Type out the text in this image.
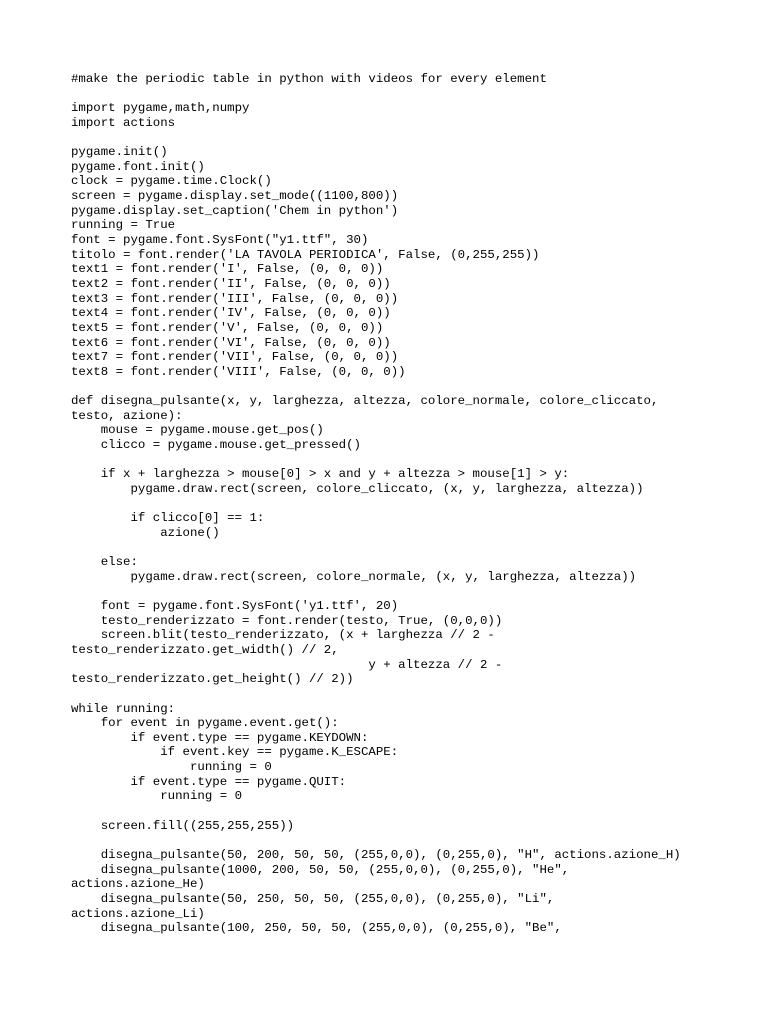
#make the periodic table in python with videos for every element
import pygame,math,numpy
import actions
pygame.init()
pygame.font.init()
clock = pygame.time.Clock()
screen = pygame.display.set_mode((1100,800))
pygame.display.set_caption('Chem in python')
running = True
font = pygame.font.SysFont("y1.ttf", 30)
titolo = font.render('LA TAVOLA PERIODICA', False, (0,255,255))
text1 = font.render('I', False, (0, 0, 0))
text2 = font.render('II', False, (0, 0, 0))
text3 = font.render('III', False, (0, 0, 0))
text4 = font.render('IV', False, (0, 0, 0))
text5 = font.render('V', False, (0, 0, 0))
text6 = font.render('VI', False, (0, 0, 0))
text7 = font.render('VII', False, (0, 0, 0))
text8 = font.render('VIII', False, (0, 0, 0))
def disegna_pulsante(x, y, larghezza, altezza, colore_normale, colore_cliccato,
testo, azione):
mouse = pygame.mouse.get_pos()
clicco = pygame.mouse.get_pressed()
if x + larghezza > mouse[0] > x and y + altezza > mouse[1] > y:
pygame.draw.rect(screen, colore_cliccato, (x, y, larghezza, altezza))
if clicco[0] == 1:
azione()
else:
pygame.draw.rect(screen, colore_normale, (x, y, larghezza, altezza))
font = pygame.font.SysFont('y1.ttf', 20)
testo_renderizzato = font.render(testo, True, (0,0,0))
screen.blit(testo_renderizzato, (x + larghezza // 2 -
testo_renderizzato.get_width() // 2,
y + altezza // 2 -
testo_renderizzato.get_height() // 2))
while running:
for event in pygame.event.get():
if event.type == pygame.KEYDOWN:
if event.key == pygame.K_ESCAPE:
running = 0
if event.type == pygame.QUIT:
running = 0
screen.fill((255,255,255))
disegna_pulsante(50, 200, 50, 50, (255,0,0), (0,255,0), "H", actions.azione_H)
disegna_pulsante(1000, 200, 50, 50, (255,0,0), (0,255,0), "He",
actions.azione_He)
disegna_pulsante(50, 250, 50, 50, (255,0,0), (0,255,0), "Li",
actions.azione_Li)
disegna_pulsante(100, 250, 50, 50, (255,0,0), (0,255,0), "Be",
